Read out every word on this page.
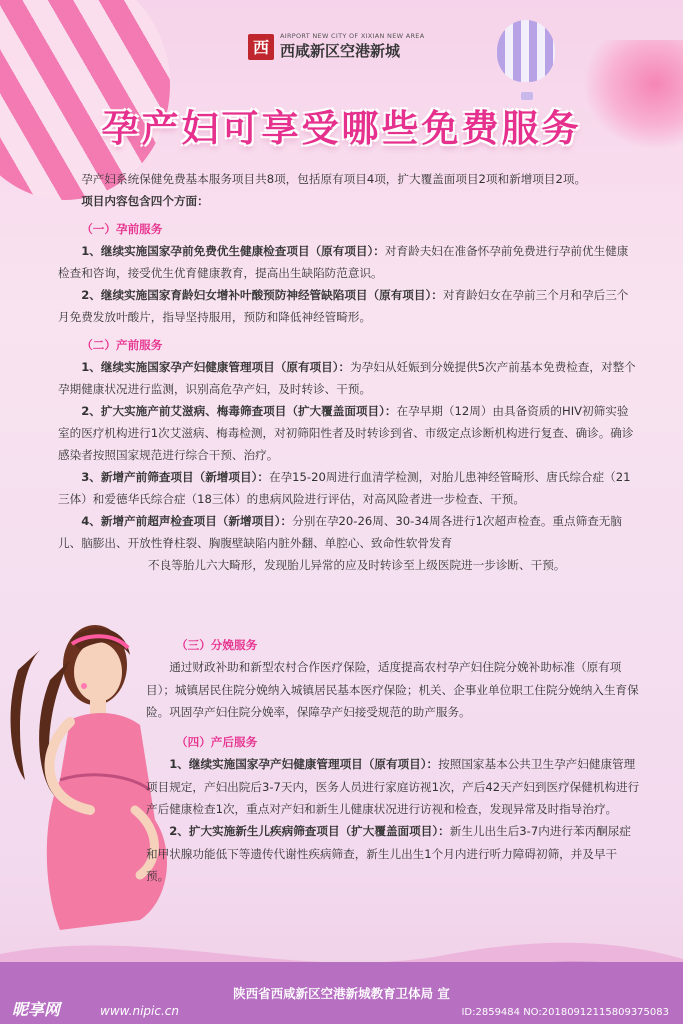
西
AIRPORT NEW CITY OF XIXIAN NEW AREA
西咸新区空港新城
孕产妇可享受哪些免费服务

孕产妇系统保健免费基本服务项目共8项，包括原有项目4项，扩大覆盖面项目2项和新增项目2项。

项目内容包含四个方面：

（一）孕前服务

1、继续实施国家孕前免费优生健康检查项目（原有项目）：对育龄夫妇在准备怀孕前免费进行孕前优生健康检查和咨询，接受优生优育健康教育，提高出生缺陷防范意识。

2、继续实施国家育龄妇女增补叶酸预防神经管缺陷项目（原有项目）：对育龄妇女在孕前三个月和孕后三个月免费发放叶酸片，指导坚持服用，预防和降低神经管畸形。

（二）产前服务

1、继续实施国家孕产妇健康管理项目（原有项目）：为孕妇从妊娠到分娩提供5次产前基本免费检查，对整个孕期健康状况进行监测，识别高危孕产妇，及时转诊、干预。

2、扩大实施产前艾滋病、梅毒筛查项目（扩大覆盖面项目）：在孕早期（12周）由具备资质的HIV初筛实验室的医疗机构进行1次艾滋病、梅毒检测，对初筛阳性者及时转诊到省、市级定点诊断机构进行复查、确诊。确诊感染者按照国家规范进行综合干预、治疗。

3、新增产前筛查项目（新增项目）：在孕15-20周进行血清学检测，对胎儿患神经管畸形、唐氏综合症（21三体）和爱德华氏综合症（18三体）的患病风险进行评估，对高风险者进一步检查、干预。

4、新增产前超声检查项目（新增项目）：分别在孕20-26周、30-34周各进行1次超声检查。重点筛查无脑儿、脑膨出、开放性脊柱裂、胸腹壁缺陷内脏外翻、单腔心、致命性软骨发育

不良等胎儿六大畸形，发现胎儿异常的应及时转诊至上级医院进一步诊断、干预。
（三）分娩服务

通过财政补助和新型农村合作医疗保险，适度提高农村孕产妇住院分娩补助标准（原有项目）；城镇居民住院分娩纳入城镇居民基本医疗保险；机关、企事业单位职工住院分娩纳入生育保险。巩固孕产妇住院分娩率，保障孕产妇接受规范的助产服务。

（四）产后服务

1、继续实施国家孕产妇健康管理项目（原有项目）：按照国家基本公共卫生孕产妇健康管理项目规定，产妇出院后3-7天内，医务人员进行家庭访视1次，产后42天产妇到医疗保健机构进行产后健康检查1次，重点对产妇和新生儿健康状况进行访视和检查，发现异常及时指导治疗。

2、扩大实施新生儿疾病筛查项目（扩大覆盖面项目）：新生儿出生后3-7内进行苯丙酮尿症和甲状腺功能低下等遗传代谢性疾病筛查，新生儿出生1个月内进行听力障碍初筛，并及早干预。

陕西省西咸新区空港新城教育卫体局 宣
昵享网	www.nipic.cn	ID:2859484 NO:20180912115809375083
